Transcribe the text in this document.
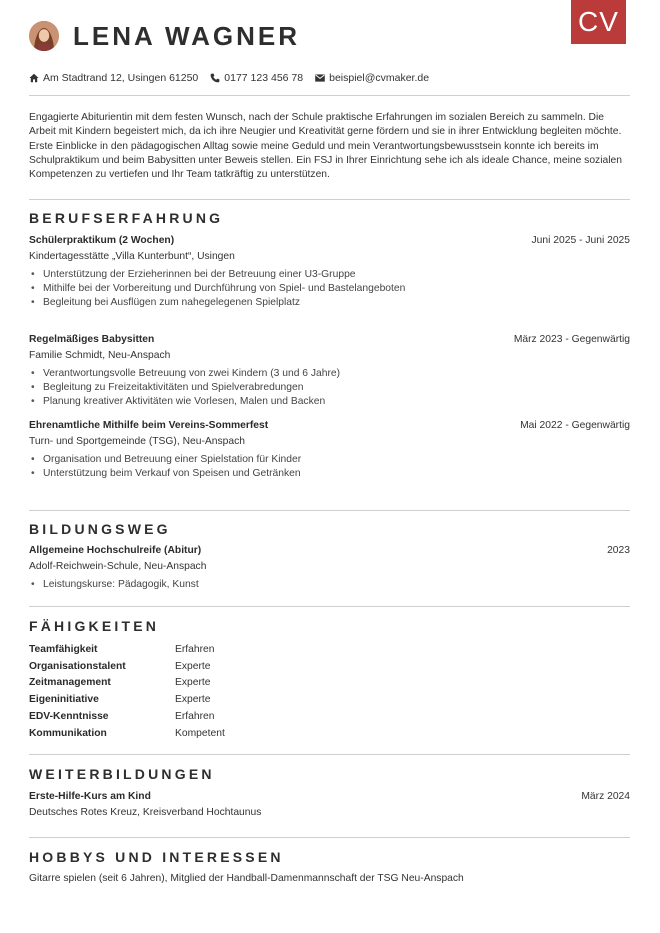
CV
LENA WAGNER
Am Stadtrand 12, Usingen 61250 0177 123 456 78 beispiel@cvmaker.de
Engagierte Abiturientin mit dem festen Wunsch, nach der Schule praktische Erfahrungen im sozialen Bereich zu sammeln. Die Arbeit mit Kindern begeistert mich, da ich ihre Neugier und Kreativität gerne fördern und sie in ihrer Entwicklung begleiten möchte. Erste Einblicke in den pädagogischen Alltag sowie meine Geduld und mein Verantwortungsbewusstsein konnte ich bereits im Schulpraktikum und beim Babysitten unter Beweis stellen. Ein FSJ in Ihrer Einrichtung sehe ich als ideale Chance, meine sozialen Kompetenzen zu vertiefen und Ihr Team tatkräftig zu unterstützen.
BERUFSERFAHRUNG
Schülerpraktikum (2 Wochen)	Juni 2025 - Juni 2025
Kindertagesstätte „Villa Kunterbunt“, Usingen
• Unterstützung der Erzieherinnen bei der Betreuung einer U3-Gruppe
• Mithilfe bei der Vorbereitung und Durchführung von Spiel- und Bastelangeboten
• Begleitung bei Ausflügen zum nahegelegenen Spielplatz
Regelmäßiges Babysitten	März 2023 - Gegenwärtig
Familie Schmidt, Neu-Anspach
• Verantwortungsvolle Betreuung von zwei Kindern (3 und 6 Jahre)
• Begleitung zu Freizeitaktivitäten und Spielverabredungen
• Planung kreativer Aktivitäten wie Vorlesen, Malen und Backen
Ehrenamtliche Mithilfe beim Vereins-Sommerfest	Mai 2022 - Gegenwärtig
Turn- und Sportgemeinde (TSG), Neu-Anspach
• Organisation und Betreuung einer Spielstation für Kinder
• Unterstützung beim Verkauf von Speisen und Getränken
BILDUNGSWEG
Allgemeine Hochschulreife (Abitur)	2023
Adolf-Reichwein-Schule, Neu-Anspach
• Leistungskurse: Pädagogik, Kunst
FÄHIGKEITEN
Teamfähigkeit	Erfahren
Organisationstalent	Experte
Zeitmanagement	Experte
Eigeninitiative	Experte
EDV-Kenntnisse	Erfahren
Kommunikation	Kompetent
WEITERBILDUNGEN
Erste-Hilfe-Kurs am Kind	März 2024
Deutsches Rotes Kreuz, Kreisverband Hochtaunus
HOBBYS UND INTERESSEN
Gitarre spielen (seit 6 Jahren), Mitglied der Handball-Damenmannschaft der TSG Neu-Anspach
